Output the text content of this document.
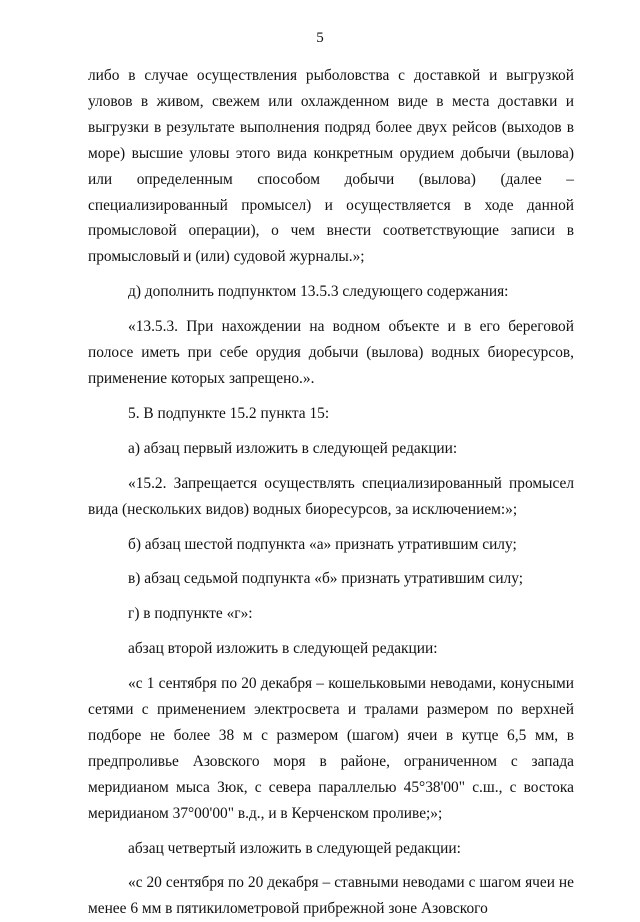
5

либо в случае осуществления рыболовства с доставкой и выгрузкой уловов в живом, свежем или охлажденном виде в места доставки и выгрузки в результате выполнения подряд более двух рейсов (выходов в море) высшие уловы этого вида конкретным орудием добычи (вылова) или определенным способом добычи (вылова) (далее – специализированный промысел) и осуществляется в ходе данной промысловой операции), о чем внести соответствующие записи в промысловый и (или) судовой журналы.»;

д) дополнить подпунктом 13.5.3 следующего содержания:

«13.5.3. При нахождении на водном объекте и в его береговой полосе иметь при себе орудия добычи (вылова) водных биоресурсов, применение которых запрещено.».

5. В подпункте 15.2 пункта 15:

а) абзац первый изложить в следующей редакции:

«15.2. Запрещается осуществлять специализированный промысел вида (нескольких видов) водных биоресурсов, за исключением:»;

б) абзац шестой подпункта «а» признать утратившим силу;

в) абзац седьмой подпункта «б» признать утратившим силу;

г) в подпункте «г»:

абзац второй изложить в следующей редакции:

«с 1 сентября по 20 декабря – кошельковыми неводами, конусными сетями с применением электросвета и тралами размером по верхней подборе не более 38 м с размером (шагом) ячеи в кутце 6,5 мм, в предпроливье Азовского моря в районе, ограниченном с запада меридианом мыса Зюк, с севера параллелью 45°38'00" с.ш., с востока меридианом 37°00'00" в.д., и в Керченском проливе;»;

абзац четвертый изложить в следующей редакции:

«с 20 сентября по 20 декабря – ставными неводами с шагом ячеи не менее 6 мм в пятикилометровой прибрежной зоне Азовского
